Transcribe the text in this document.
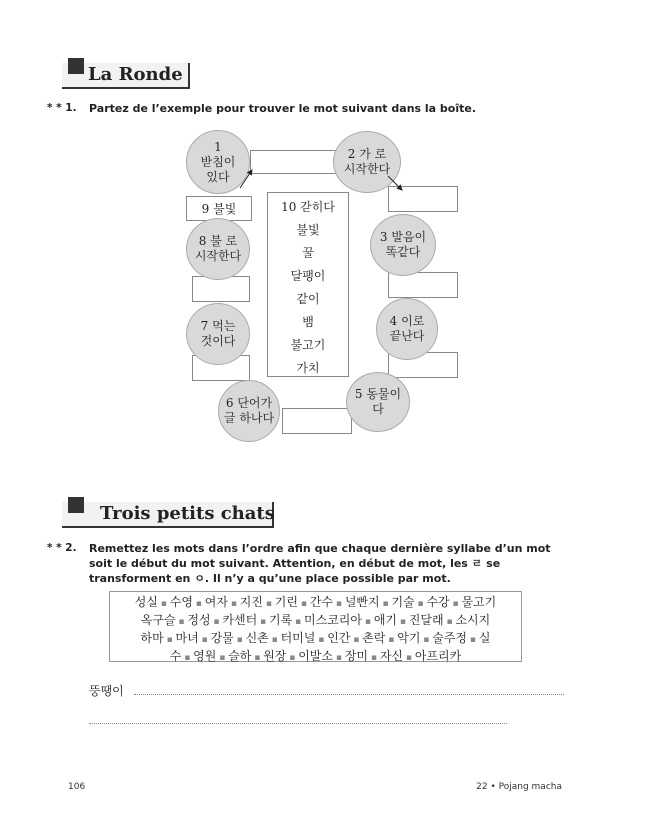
La Ronde
* * 1. Partez de l’exemple pour trouver le mot suivant dans la boîte.
10 갇히다
불빛
꿀
달팽이
같이
뱀
불고기
가치
9 불빛
1
받침이
있다
2 가 로
시작한다
3 발음이
똑같다
4 이로
끝난다
5 동물이
다
6 단어가
글 하나다
7 먹는
것이다
8 불 로
시작한다
Trois petits chats
* * 2. Remettez les mots dans l’ordre afin que chaque dernière syllabe d’un mot soit le début du mot suivant. Attention, en début de mot, les ㄹ se transforment en ㅇ. Il n’y a qu’une place possible par mot.
성실 ▪ 수영 ▪ 여자 ▪ 지진 ▪ 기린 ▪ 간수 ▪ 널빤지 ▪ 기술 ▪ 수강 ▪ 물고기
옥구슬 ▪ 정성 ▪ 카센터 ▪ 기록 ▪ 미스코리아 ▪ 애기 ▪ 진달래 ▪ 소시지
하마 ▪ 마녀 ▪ 강물 ▪ 신촌 ▪ 터미널 ▪ 인간 ▪ 촌락 ▪ 악기 ▪ 술주정 ▪ 실
수 ▪ 영원 ▪ 슬하 ▪ 원장 ▪ 이발소 ▪ 장미 ▪ 자신 ▪ 아프리카
뚱땡이
106	22 • Pojang macha
